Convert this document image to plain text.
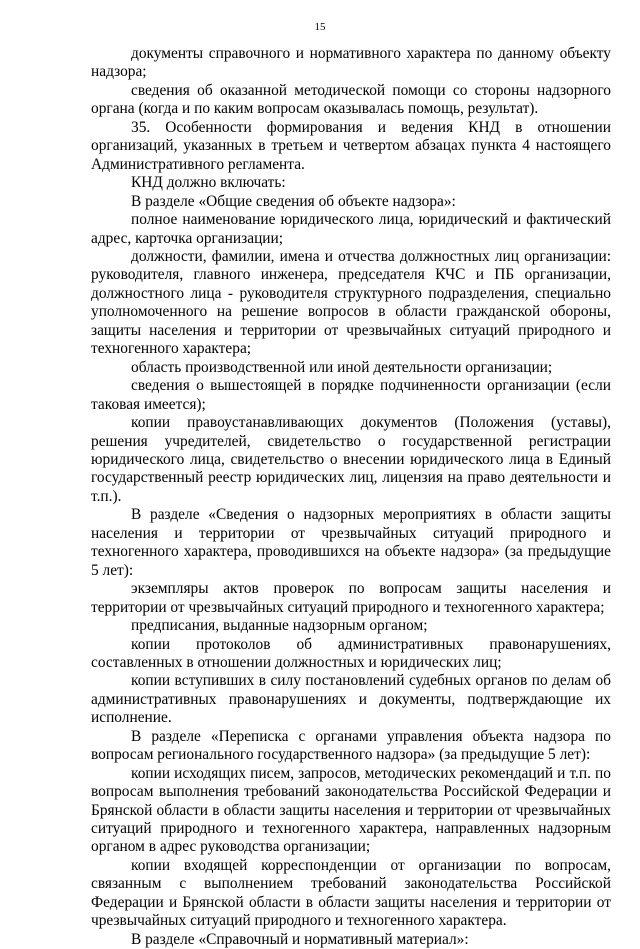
15

документы справочного и нормативного характера по данному объекту надзора;

сведения об оказанной методической помощи со стороны надзорного органа (когда и по каким вопросам оказывалась помощь, результат).

35. Особенности формирования и ведения КНД в отношении организаций, указанных в третьем и четвертом абзацах пункта 4 настоящего Административного регламента.

КНД должно включать:

В разделе «Общие сведения об объекте надзора»:

полное наименование юридического лица, юридический и фактический адрес, карточка организации;

должности, фамилии, имена и отчества должностных лиц организации: руководителя, главного инженера, председателя КЧС и ПБ организации, должностного лица - руководителя структурного подразделения, специально уполномоченного на решение вопросов в области гражданской обороны, защиты населения и территории от чрезвычайных ситуаций природного и техногенного характера;

область производственной или иной деятельности организации;

сведения о вышестоящей в порядке подчиненности организации (если таковая имеется);

копии правоустанавливающих документов (Положения (уставы), решения учредителей, свидетельство о государственной регистрации юридического лица, свидетельство о внесении юридического лица в Единый государственный реестр юридических лиц, лицензия на право деятельности и т.п.).

В разделе «Сведения о надзорных мероприятиях в области защиты населения и территории от чрезвычайных ситуаций природного и техногенного характера, проводившихся на объекте надзора» (за предыдущие 5 лет):

экземпляры актов проверок по вопросам защиты населения и территории от чрезвычайных ситуаций природного и техногенного характера;

предписания, выданные надзорным органом;

копии протоколов об административных правонарушениях, составленных в отношении должностных и юридических лиц;

копии вступивших в силу постановлений судебных органов по делам об административных правонарушениях и документы, подтверждающие их исполнение.

В разделе «Переписка с органами управления объекта надзора по вопросам регионального государственного надзора» (за предыдущие 5 лет):

копии исходящих писем, запросов, методических рекомендаций и т.п. по вопросам выполнения требований законодательства Российской Федерации и Брянской области в области защиты населения и территории от чрезвычайных ситуаций природного и техногенного характера, направленных надзорным органом в адрес руководства организации;

копии входящей корреспонденции от организации по вопросам, связанным с выполнением требований законодательства Российской Федерации и Брянской области в области защиты населения и территории от чрезвычайных ситуаций природного и техногенного характера.

В разделе «Справочный и нормативный материал»:
